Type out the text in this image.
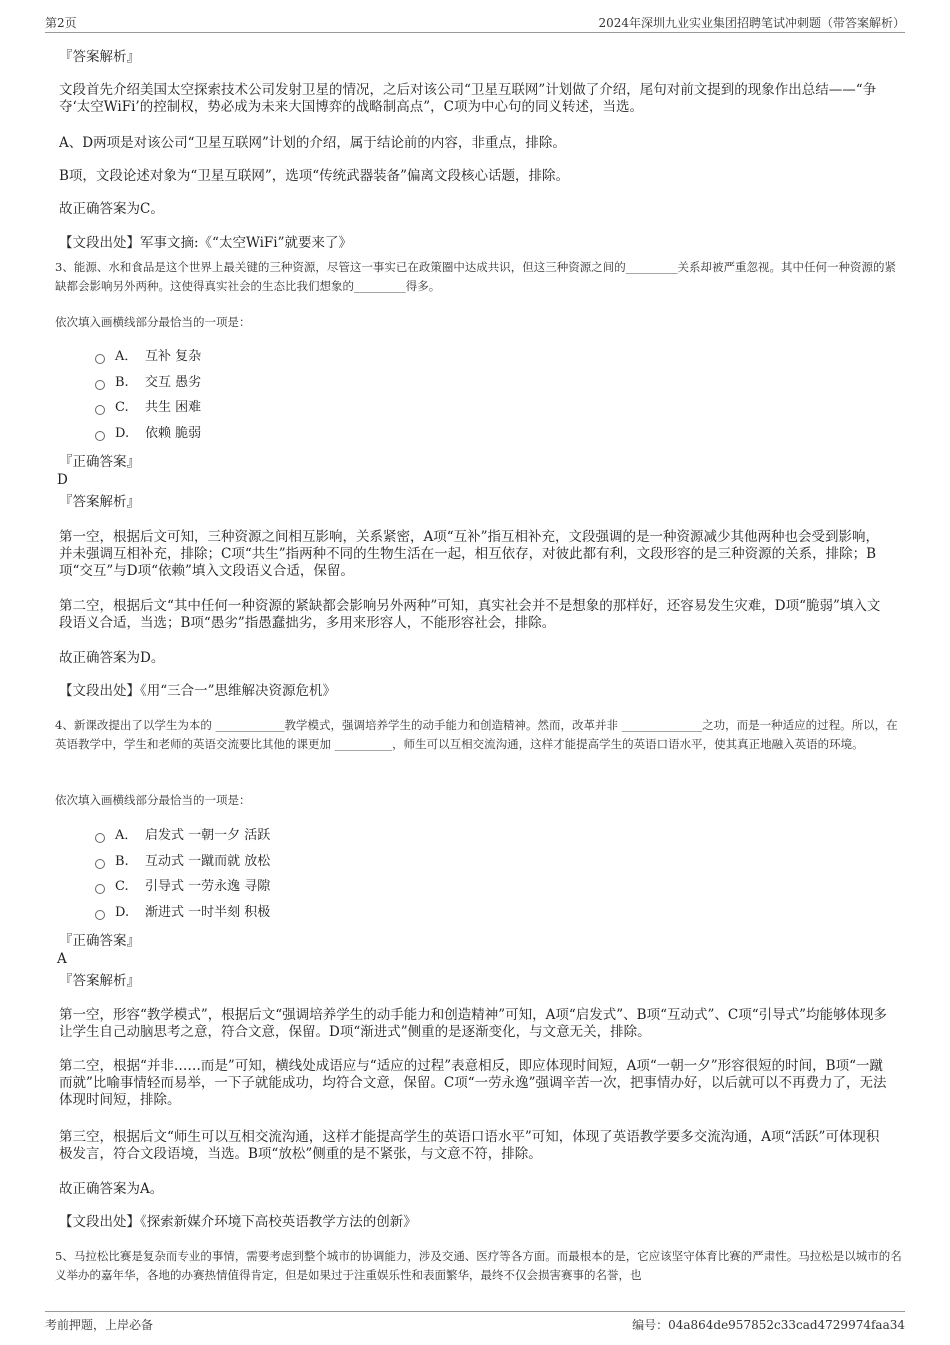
第2页	2024年深圳九业实业集团招聘笔试冲刺题（带答案解析）
『答案解析』
文段首先介绍美国太空探索技术公司发射卫星的情况，之后对该公司“卫星互联网”计划做了介绍，尾句对前文提到的现象作出总结——“争夺‘太空WiFi’的控制权，势必成为未来大国博弈的战略制高点”，C项为中心句的同义转述，当选。
A、D两项是对该公司“卫星互联网”计划的介绍，属于结论前的内容，非重点，排除。
B项，文段论述对象为“卫星互联网”，选项“传统武器装备”偏离文段核心话题，排除。
故正确答案为C。
【文段出处】军事文摘:《“太空WiFi”就要来了》
3、能源、水和食品是这个世界上最关键的三种资源，尽管这一事实已在政策圈中达成共识，但这三种资源之间的_________关系却被严重忽视。其中任何一种资源的紧缺都会影响另外两种。这使得真实社会的生态比我们想象的_________得多。
依次填入画横线部分最恰当的一项是：
A． 互补 复杂
B. 交互 愚劣
C. 共生 困难
D. 依赖 脆弱
『正确答案』
D
『答案解析』
第一空，根据后文可知，三种资源之间相互影响，关系紧密，A项“互补”指互相补充，文段强调的是一种资源减少其他两种也会受到影响，并未强调互相补充，排除；C项“共生”指两种不同的生物生活在一起，相互依存，对彼此都有利，文段形容的是三种资源的关系，排除；B项“交互”与D项“依赖”填入文段语义合适，保留。
第二空，根据后文“其中任何一种资源的紧缺都会影响另外两种”可知，真实社会并不是想象的那样好，还容易发生灾难，D项“脆弱”填入文段语义合适，当选；B项“愚劣”指愚蠢拙劣，多用来形容人，不能形容社会，排除。
故正确答案为D。
【文段出处】《用“三合一”思维解决资源危机》
4、新课改提出了以学生为本的 ____________教学模式，强调培养学生的动手能力和创造精神。然而，改革并非 ______________之功，而是一种适应的过程。所以，在英语教学中，学生和老师的英语交流要比其他的课更加 __________，师生可以互相交流沟通，这样才能提高学生的英语口语水平，使其真正地融入英语的环境。
依次填入画横线部分最恰当的一项是：
A． 启发式 一朝一夕 活跃
B. 互动式 一蹴而就 放松
C. 引导式 一劳永逸 寻隙
D. 渐进式 一时半刻 积极
『正确答案』
A
『答案解析』
第一空，形容“教学模式”，根据后文“强调培养学生的动手能力和创造精神”可知，A项“启发式”、B项“互动式”、C项“引导式”均能够体现多让学生自己动脑思考之意，符合文意，保留。D项“渐进式”侧重的是逐渐变化，与文意无关，排除。
第二空，根据“并非……而是”可知，横线处成语应与“适应的过程”表意相反，即应体现时间短，A项“一朝一夕”形容很短的时间，B项“一蹴而就”比喻事情轻而易举，一下子就能成功，均符合文意，保留。C项“一劳永逸”强调辛苦一次，把事情办好，以后就可以不再费力了，无法体现时间短，排除。
第三空，根据后文“师生可以互相交流沟通，这样才能提高学生的英语口语水平”可知，体现了英语教学要多交流沟通，A项“活跃”可体现积极发言，符合文段语境，当选。B项“放松”侧重的是不紧张，与文意不符，排除。
故正确答案为A。
【文段出处】《探索新媒介环境下高校英语教学方法的创新》
5、马拉松比赛是复杂而专业的事情，需要考虑到整个城市的协调能力，涉及交通、医疗等各方面。而最根本的是，它应该坚守体育比赛的严肃性。马拉松是以城市的名义举办的嘉年华，各地的办赛热情值得肯定，但是如果过于注重娱乐性和表面繁华，最终不仅会损害赛事的名誉，也
考前押题，上岸必备	编号：04a864de957852c33cad4729974faa34
